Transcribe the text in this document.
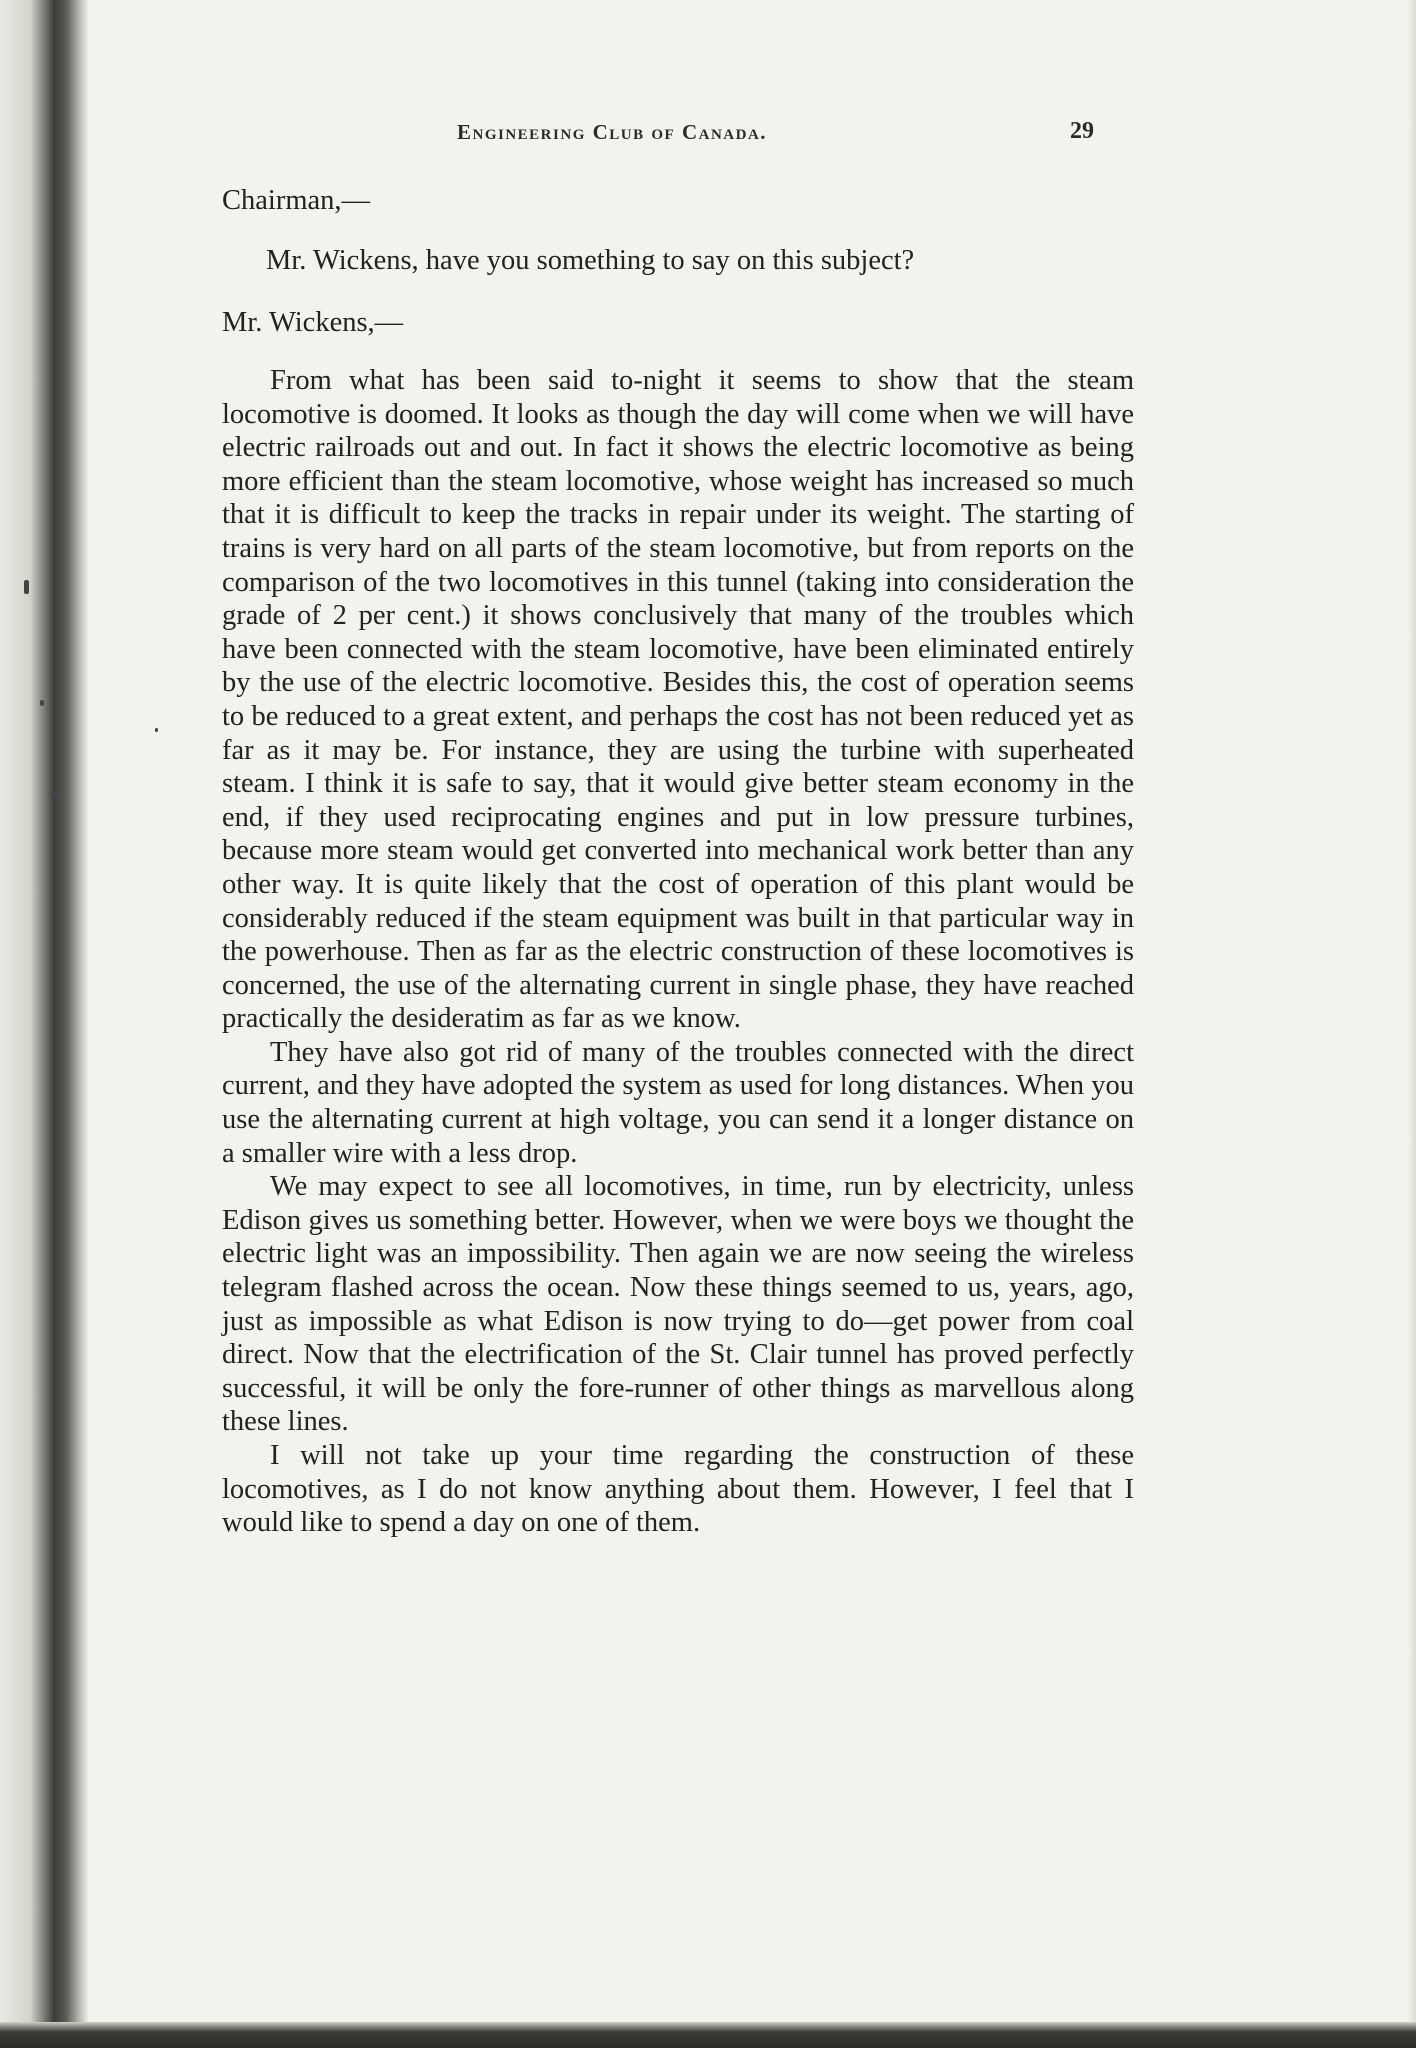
Engineering Club of Canada.	29

Chairman,—

Mr. Wickens, have you something to say on this subject?

Mr. Wickens,—

From what has been said to-night it seems to show that the steam locomotive is doomed. It looks as though the day will come when we will have electric railroads out and out. In fact it shows the electric locomotive as being more efficient than the steam locomotive, whose weight has increased so much that it is difficult to keep the tracks in repair under its weight. The starting of trains is very hard on all parts of the steam locomotive, but from reports on the comparison of the two locomotives in this tunnel (taking into consideration the grade of 2 per cent.) it shows conclusively that many of the troubles which have been connected with the steam locomotive, have been eliminated entirely by the use of the electric locomotive. Besides this, the cost of operation seems to be reduced to a great extent, and perhaps the cost has not been reduced yet as far as it may be. For instance, they are using the turbine with superheated steam. I think it is safe to say, that it would give better steam economy in the end, if they used reciprocating engines and put in low pressure turbines, because more steam would get converted into mechanical work better than any other way. It is quite likely that the cost of operation of this plant would be considerably reduced if the steam equipment was built in that particular way in the powerhouse. Then as far as the electric construction of these locomotives is concerned, the use of the alternating current in single phase, they have reached practically the desideratim as far as we know.

They have also got rid of many of the troubles connected with the direct current, and they have adopted the system as used for long distances. When you use the alternating current at high voltage, you can send it a longer distance on a smaller wire with a less drop.

We may expect to see all locomotives, in time, run by electricity, unless Edison gives us something better. However, when we were boys we thought the electric light was an impossibility. Then again we are now seeing the wireless telegram flashed across the ocean. Now these things seemed to us, years, ago, just as impossible as what Edison is now trying to do—get power from coal direct. Now that the electrification of the St. Clair tunnel has proved perfectly successful, it will be only the fore-runner of other things as marvellous along these lines.

I will not take up your time regarding the construction of these locomotives, as I do not know anything about them. However, I feel that I would like to spend a day on one of them.
